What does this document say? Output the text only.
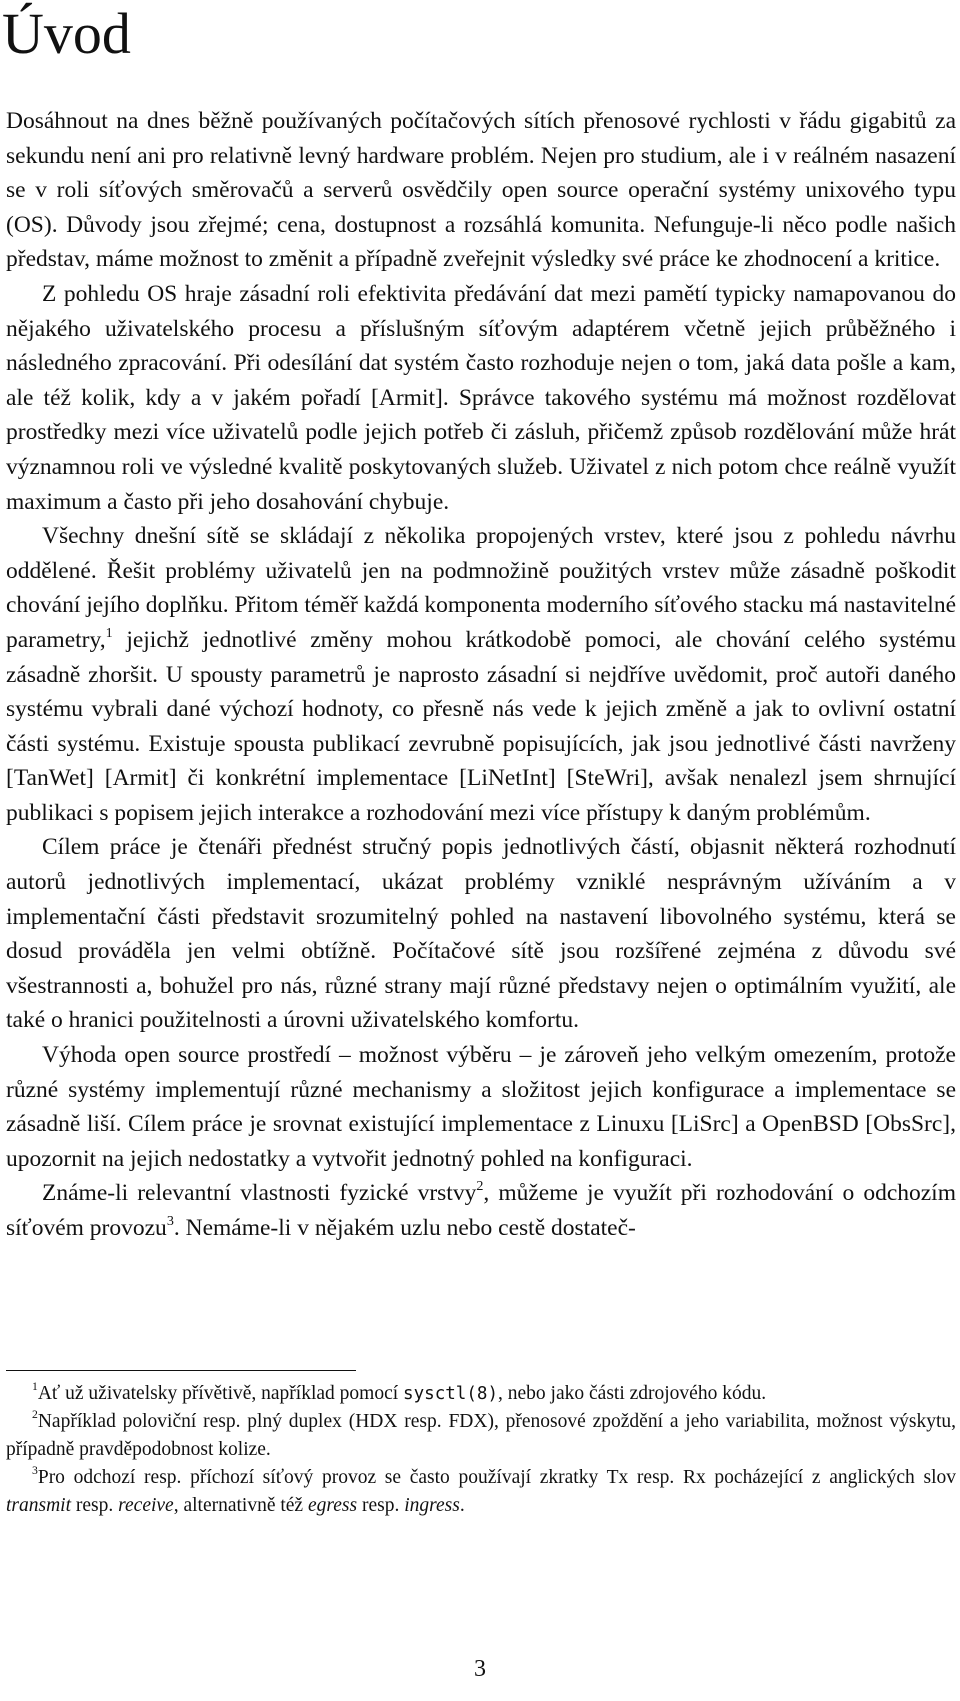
Úvod

Dosáhnout na dnes běžně používaných počítačových sítích přenosové rychlosti v řádu gigabitů za sekundu není ani pro relativně levný hardware problém. Nejen pro studium, ale i v reálném nasazení se v roli síťových směrovačů a serverů osvědčily open source operační systémy unixového typu (OS). Důvody jsou zřejmé; cena, dostupnost a rozsáhlá komunita. Nefunguje-li něco podle našich představ, máme možnost to změnit a případně zveřejnit výsledky své práce ke zhodnocení a kritice.

Z pohledu OS hraje zásadní roli efektivita předávání dat mezi pamětí typicky namapovanou do nějakého uživatelského procesu a příslušným síťovým adaptérem včetně jejich průběžného i následného zpracování. Při odesílání dat systém často rozhoduje nejen o tom, jaká data pošle a kam, ale též kolik, kdy a v jakém pořadí [Armit]. Správce takového systému má možnost rozdělovat prostředky mezi více uživatelů podle jejich potřeb či zásluh, přičemž způsob rozdělování může hrát významnou roli ve výsledné kvalitě poskytovaných služeb. Uživatel z nich potom chce reálně využít maximum a často při jeho dosahování chybuje.

Všechny dnešní sítě se skládají z několika propojených vrstev, které jsou z pohledu návrhu oddělené. Řešit problémy uživatelů jen na podmnožině použitých vrstev může zásadně poškodit chování jejího doplňku. Přitom téměř každá komponenta moderního síťového stacku má nastavitelné parametry,$^1$ jejichž jednotlivé změny mohou krátkodobě pomoci, ale chování celého systému zásadně zhoršit. U spousty parametrů je naprosto zásadní si nejdříve uvědomit, proč autoři daného systému vybrali dané výchozí hodnoty, co přesně nás vede k jejich změně a jak to ovlivní ostatní části systému. Existuje spousta publikací zevrubně popisujících, jak jsou jednotlivé části navrženy [TanWet] [Armit] či konkrétní implementace [LiNetInt] [SteWri], avšak nenalezl jsem shrnující publikaci s popisem jejich interakce a rozhodování mezi více přístupy k daným problémům.

Cílem práce je čtenáři přednést stručný popis jednotlivých částí, objasnit některá rozhodnutí autorů jednotlivých implementací, ukázat problémy vzniklé nesprávným užíváním a v implementační části představit srozumitelný pohled na nastavení libovolného systému, která se dosud prováděla jen velmi obtížně. Počítačové sítě jsou rozšířené zejména z důvodu své všestrannosti a, bohužel pro nás, různé strany mají různé představy nejen o optimálním využití, ale také o hranici použitelnosti a úrovni uživatelského komfortu.

Výhoda open source prostředí – možnost výběru – je zároveň jeho velkým omezením, protože různé systémy implementují různé mechanismy a složitost jejich konfigurace a implementace se zásadně liší. Cílem práce je srovnat existující implementace z Linuxu [LiSrc] a OpenBSD [ObsSrc], upozornit na jejich nedostatky a vytvořit jednotný pohled na konfiguraci.

Známe-li relevantní vlastnosti fyzické vrstvy$^2$, můžeme je využít při rozhodování o odchozím síťovém provozu$^3$. Nemáme-li v nějakém uzlu nebo cestě dostateč-

$^1$Ať už uživatelsky přívětivě, například pomocí sysctl(8), nebo jako části zdrojového kódu.

$^2$Například poloviční resp. plný duplex (HDX resp. FDX), přenosové zpoždění a jeho variabilita, možnost výskytu, případně pravděpodobnost kolize.

$^3$Pro odchozí resp. příchozí síťový provoz se často používají zkratky Tx resp. Rx pocházející z anglických slov transmit resp. receive, alternativně též egress resp. ingress.

3
